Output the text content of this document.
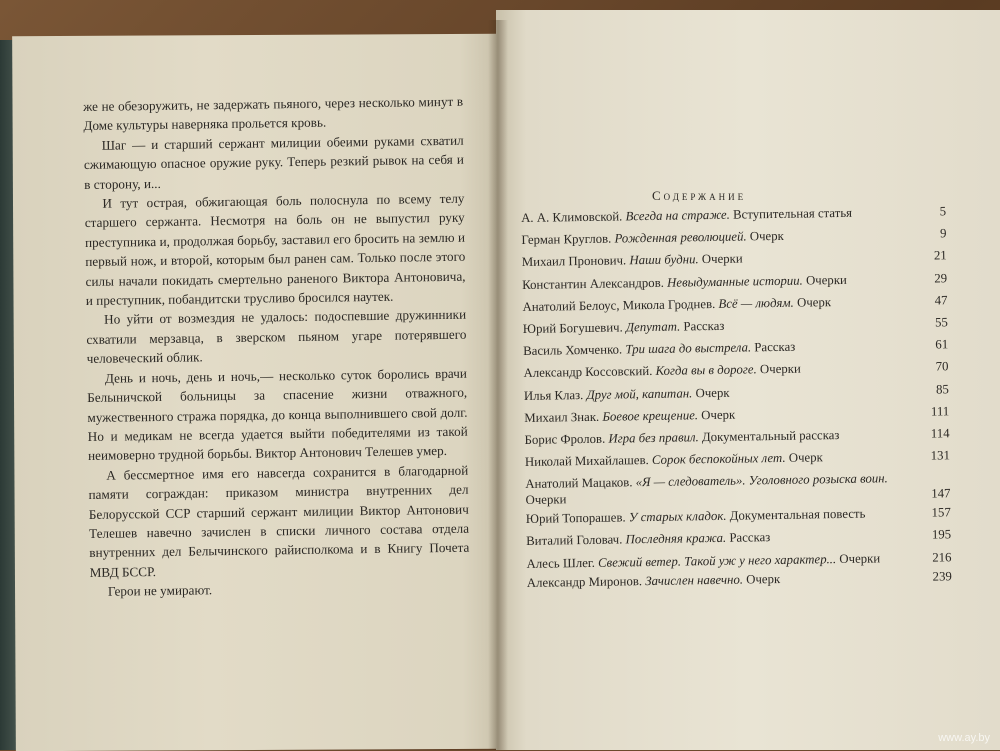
же не обезоружить, не задержать пьяного, через несколько минут в Доме культуры наверняка прольется кровь.

Шаг — и старший сержант милиции обеими руками схватил сжимающую опасное оружие руку. Теперь резкий рывок на себя и в сторону, и...

И тут острая, обжигающая боль полоснула по всему телу старшего сержанта. Несмотря на боль он не выпустил руку преступника и, продолжая борьбу, заставил его бросить на землю и первый нож, и второй, которым был ранен сам. Только после этого силы начали покидать смертельно раненого Виктора Антоновича, и преступник, побандитски трусливо бросился наутек.

Но уйти от возмездия не удалось: подоспевшие дружинники схватили мерзавца, в зверском пьяном угаре потерявшего человеческий облик.

День и ночь, день и ночь,— несколько суток боролись врачи Белыничской больницы за спасение жизни отважного, мужественного стража порядка, до конца выполнившего свой долг. Но и медикам не всегда удается выйти победителями из такой неимоверно трудной борьбы. Виктор Антонович Телешев умер.

А бессмертное имя его навсегда сохранится в благодарной памяти сограждан: приказом министра внутренних дел Белорусской ССР старший сержант милиции Виктор Антонович Телешев навечно зачислен в списки личного состава отдела внутренних дел Белычинского райисполкома и в Книгу Почета МВД БССР.

Герои не умирают.

Содержание
А. А. Климовской. Всегда на страже. Вступительная статья	5
Герман Круглов. Рожденная революцией. Очерк	9
Михаил Пронович. Наши будни. Очерки	21
Константин Александров. Невыдуманные истории. Очерки	29
Анатолий Белоус, Микола Гроднев. Всё — людям. Очерк	47
Юрий Богушевич. Депутат. Рассказ	55
Василь Хомченко. Три шага до выстрела. Рассказ	61
Александр Коссовский. Когда вы в дороге. Очерки	70
Илья Клаз. Друг мой, капитан. Очерк	85
Михаил Знак. Боевое крещение. Очерк	111
Борис Фролов. Игра без правил. Документальный рассказ	114
Николай Михайлашев. Сорок беспокойных лет. Очерк	131
Анатолий Мацаков. «Я — следователь». Уголовного розыска воин. Очерки	147
Юрий Топорашев. У старых кладок. Документальная повесть	157
Виталий Головач. Последняя кража. Рассказ	195
Алесь Шлег. Свежий ветер. Такой уж у него характер... Очерки	216
Александр Миронов. Зачислен навечно. Очерк	239
www.ay.by
